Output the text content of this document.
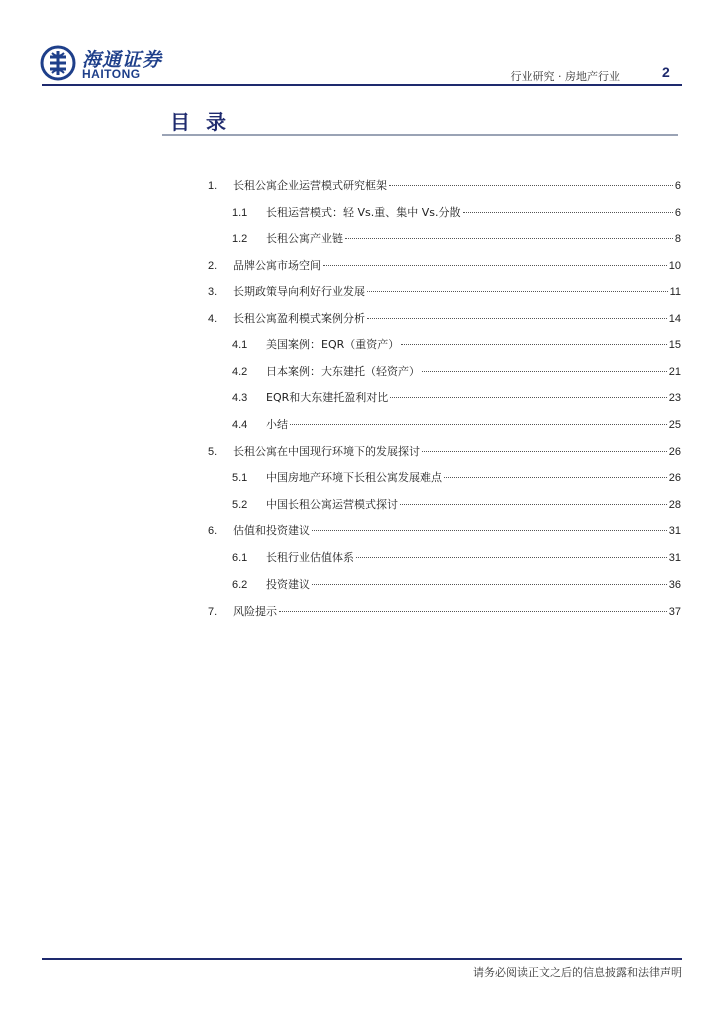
海通证券
HAITONG	行业研究 · 房地产行业	2
目录
1.	长租公寓企业运营模式研究框架	6
1.1	长租运营模式：轻 Vs.重、集中 Vs.分散	6
1.2	长租公寓产业链	8
2.	品牌公寓市场空间	10
3.	长期政策导向利好行业发展	11
4.	长租公寓盈利模式案例分析	14
4.1	美国案例：EQR（重资产）	15
4.2	日本案例：大东建托（轻资产）	21
4.3	EQR和大东建托盈利对比	23
4.4	小结	25
5.	长租公寓在中国现行环境下的发展探讨	26
5.1	中国房地产环境下长租公寓发展难点	26
5.2	中国长租公寓运营模式探讨	28
6.	估值和投资建议	31
6.1	长租行业估值体系	31
6.2	投资建议	36
7.	风险提示	37
请务必阅读正文之后的信息披露和法律声明
